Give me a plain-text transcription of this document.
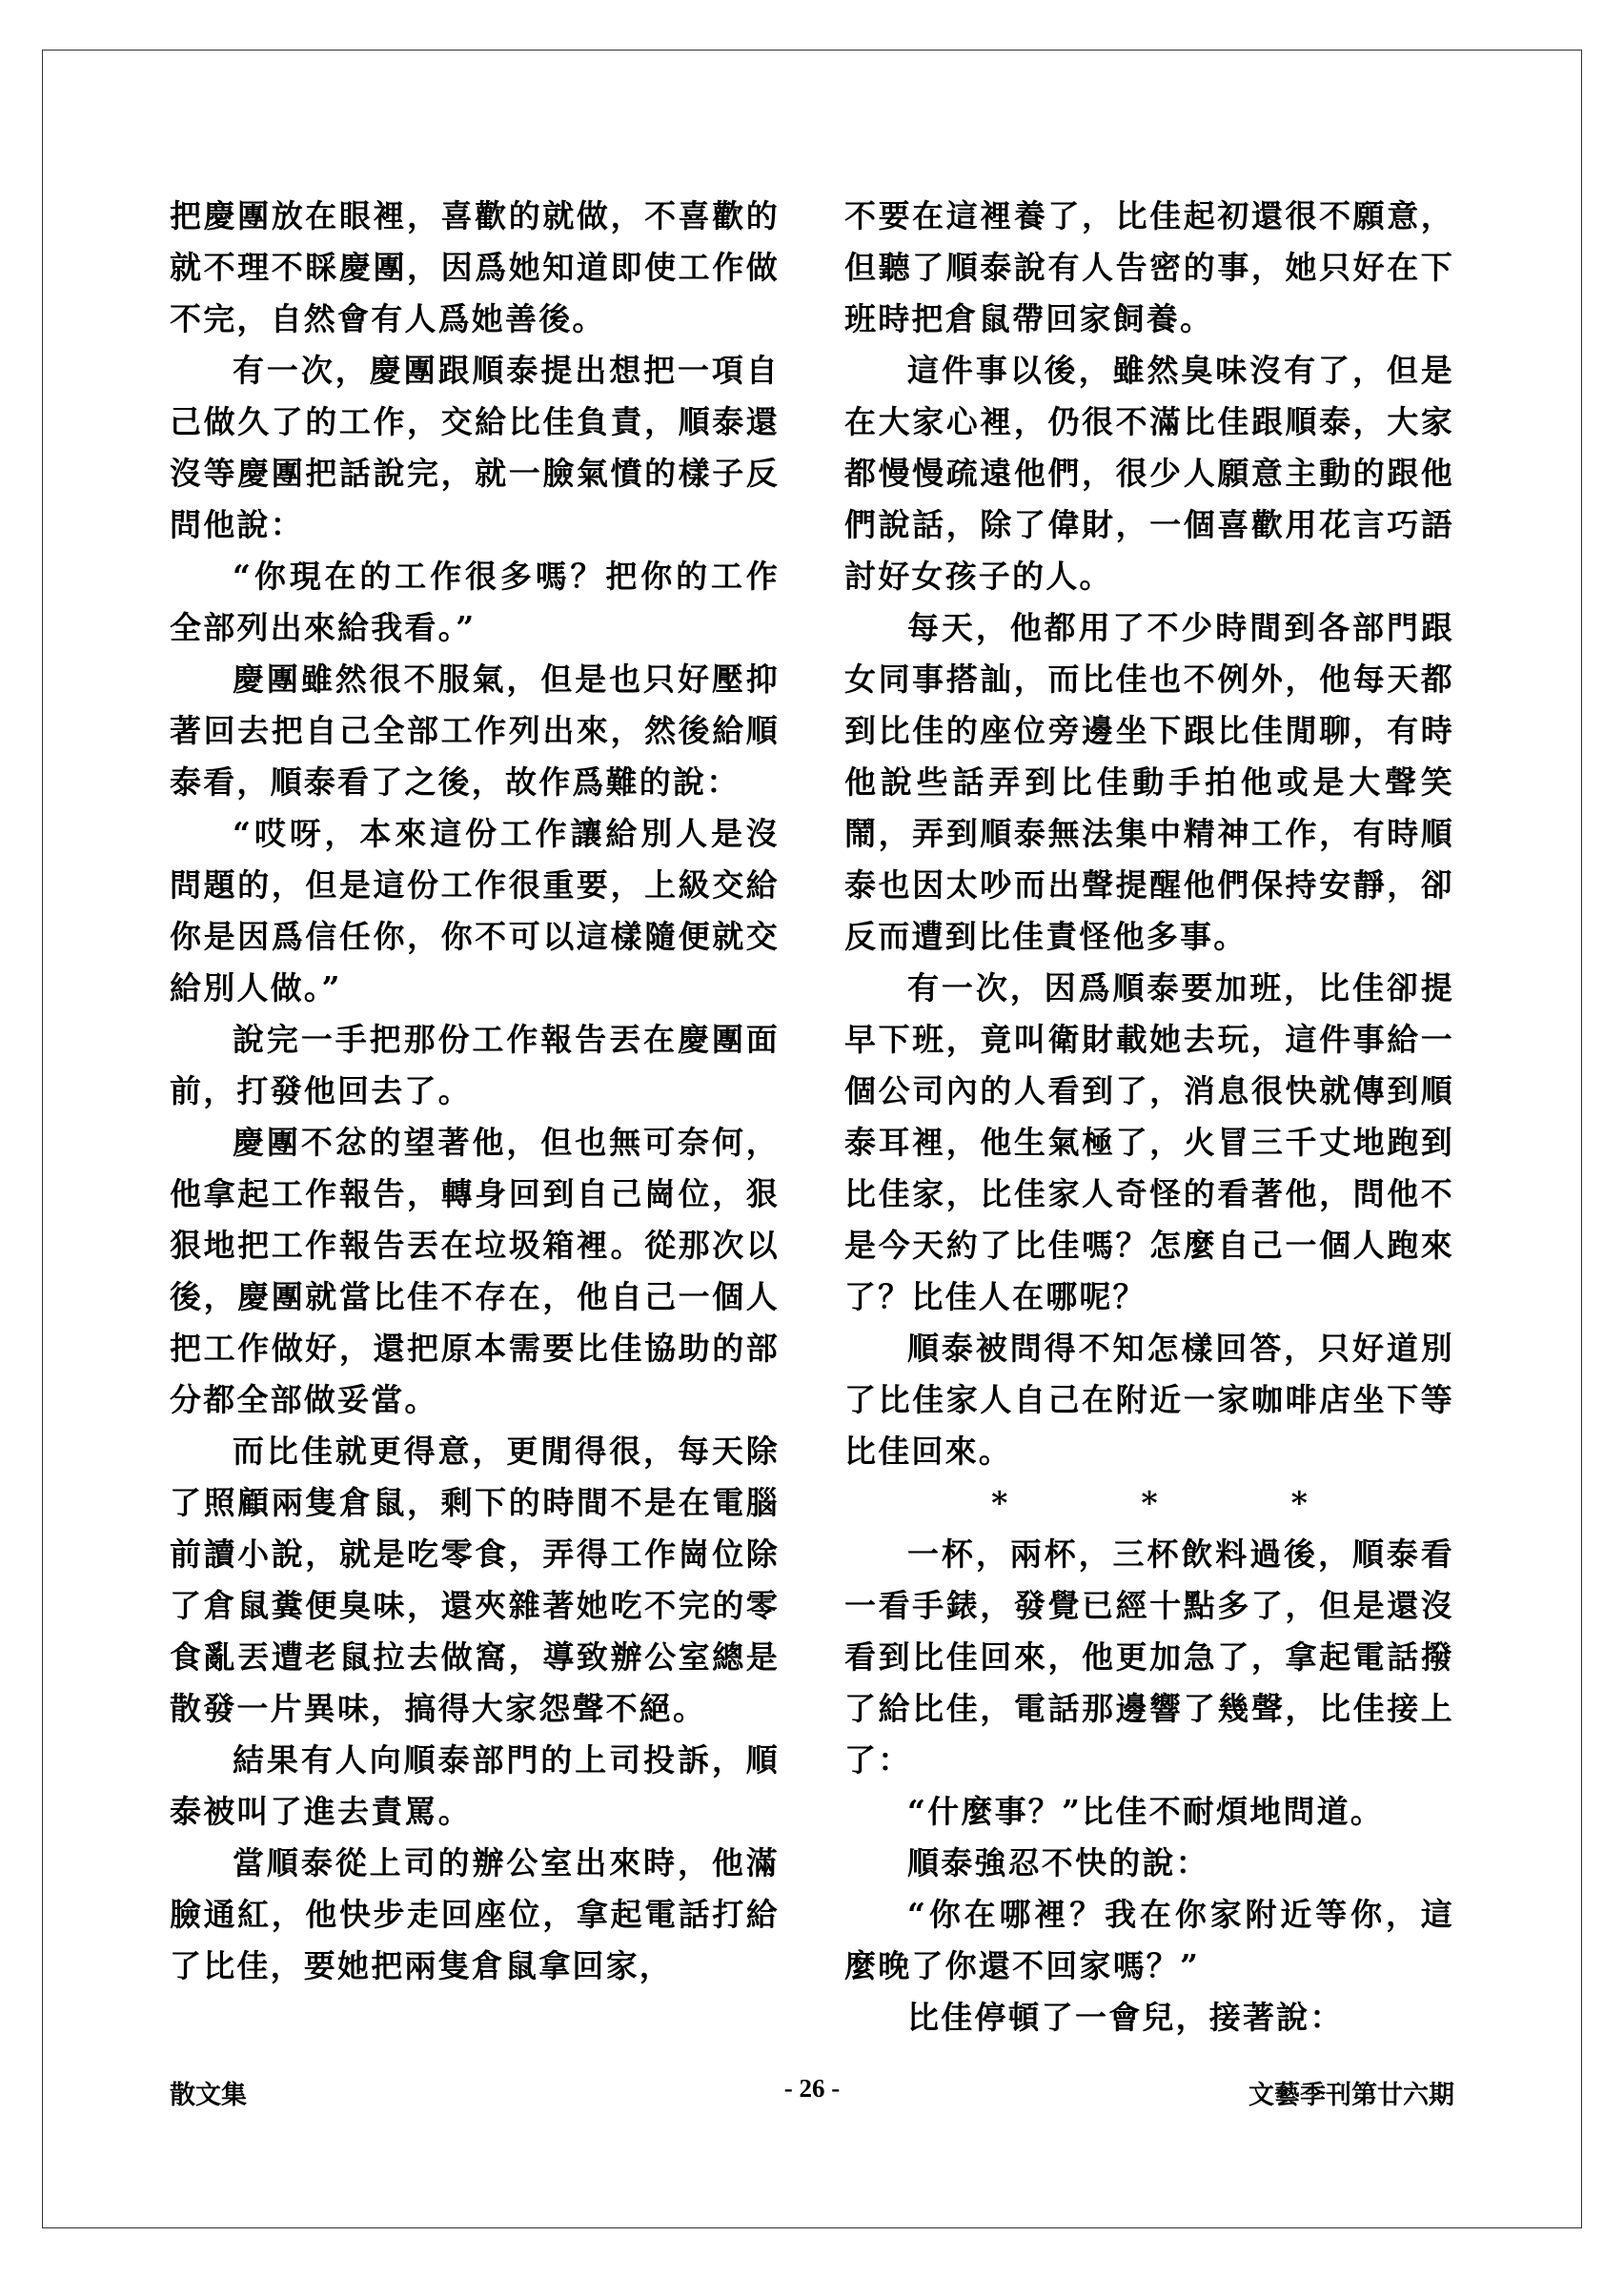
把慶團放在眼裡，喜歡的就做，不喜歡的就不理不睬慶團，因爲她知道即使工作做不完，自然會有人爲她善後。

有一次，慶團跟順泰提出想把一項自己做久了的工作，交給比佳負責，順泰還沒等慶團把話說完，就一臉氣憤的樣子反問他說：

“你現在的工作很多嗎？把你的工作全部列出來給我看。”

慶團雖然很不服氣，但是也只好壓抑著回去把自己全部工作列出來，然後給順泰看，順泰看了之後，故作爲難的說：

“哎呀，本來這份工作讓給別人是沒問題的，但是這份工作很重要，上級交給你是因爲信任你，你不可以這樣隨便就交給別人做。”

說完一手把那份工作報告丟在慶團面前，打發他回去了。

慶團不忿的望著他，但也無可奈何，他拿起工作報告，轉身回到自己崗位，狠狠地把工作報告丟在垃圾箱裡。從那次以後，慶團就當比佳不存在，他自己一個人把工作做好，還把原本需要比佳協助的部分都全部做妥當。

而比佳就更得意，更閒得很，每天除了照顧兩隻倉鼠，剩下的時間不是在電腦前讀小說，就是吃零食，弄得工作崗位除了倉鼠糞便臭味，還夾雜著她吃不完的零食亂丟遭老鼠拉去做窩，導致辦公室總是散發一片異味，搞得大家怨聲不絕。

結果有人向順泰部門的上司投訴，順泰被叫了進去責罵。

當順泰從上司的辦公室出來時，他滿臉通紅，他快步走回座位，拿起電話打給了比佳，要她把兩隻倉鼠拿回家，

不要在這裡養了，比佳起初還很不願意，但聽了順泰說有人告密的事，她只好在下班時把倉鼠帶回家飼養。

這件事以後，雖然臭味沒有了，但是在大家心裡，仍很不滿比佳跟順泰，大家都慢慢疏遠他們，很少人願意主動的跟他們說話，除了偉財，一個喜歡用花言巧語討好女孩子的人。

每天，他都用了不少時間到各部門跟女同事搭訕，而比佳也不例外，他每天都到比佳的座位旁邊坐下跟比佳閒聊，有時他說些話弄到比佳動手拍他或是大聲笑鬧，弄到順泰無法集中精神工作，有時順泰也因太吵而出聲提醒他們保持安靜，卻反而遭到比佳責怪他多事。

有一次，因爲順泰要加班，比佳卻提早下班，竟叫衛財載她去玩，這件事給一個公司內的人看到了，消息很快就傳到順泰耳裡，他生氣極了，火冒三千丈地跑到比佳家，比佳家人奇怪的看著他，問他不是今天約了比佳嗎？怎麼自己一個人跑來了？比佳人在哪呢？

順泰被問得不知怎樣回答，只好道別了比佳家人自己在附近一家咖啡店坐下等比佳回來。

*	*	*

一杯，兩杯，三杯飲料過後，順泰看一看手錶，發覺已經十點多了，但是還沒看到比佳回來，他更加急了，拿起電話撥了給比佳，電話那邊響了幾聲，比佳接上了：

“什麼事？”比佳不耐煩地問道。

順泰強忍不快的說：

“你在哪裡？我在你家附近等你，這麼晚了你還不回家嗎？”

比佳停頓了一會兒，接著說：

散文集	- 26 -	文藝季刊第廿六期
